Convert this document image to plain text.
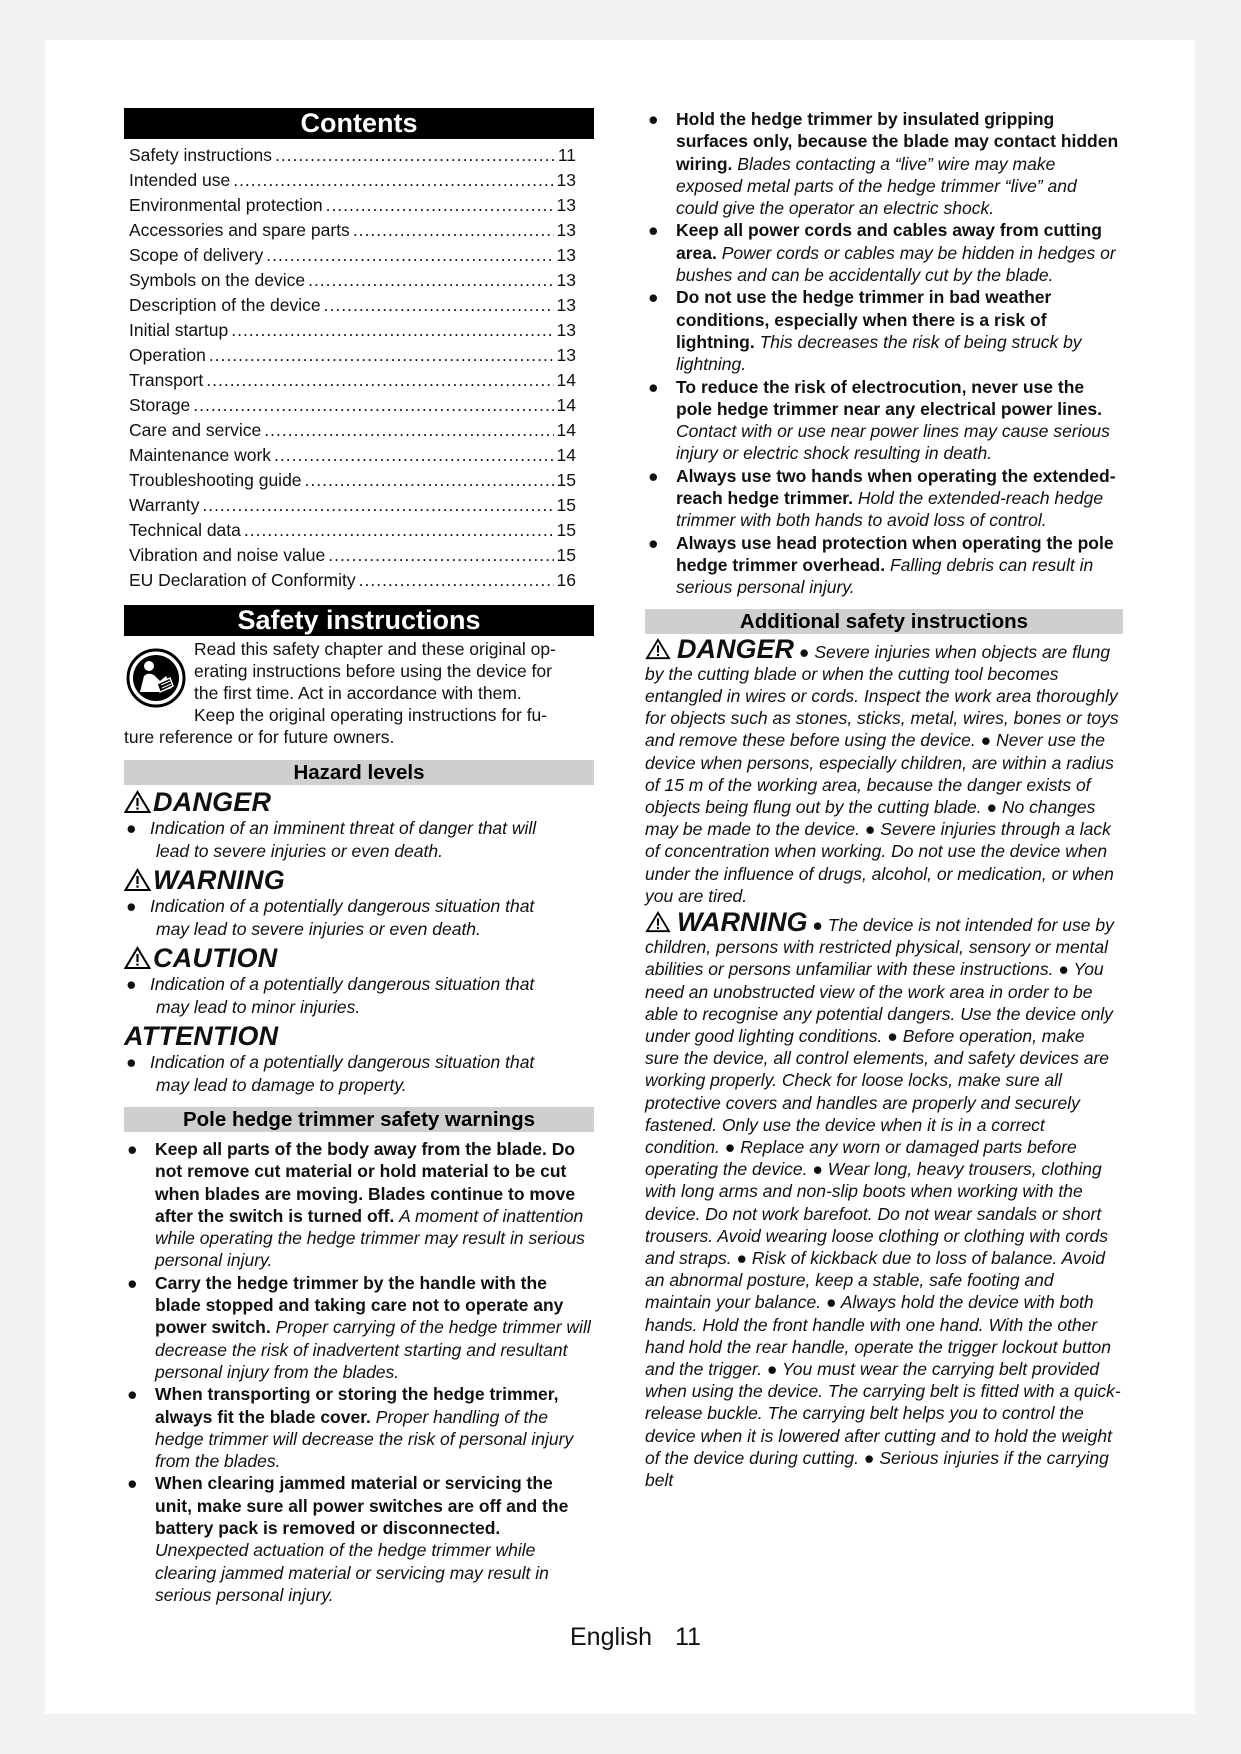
Contents
Safety instructions .....	11
Intended use .....	13
Environmental protection .....	13
Accessories and spare parts .....	13
Scope of delivery .....	13
Symbols on the device .....	13
Description of the device .....	13
Initial startup .....	13
Operation .....	13
Transport .....	14
Storage .....	14
Care and service .....	14
Maintenance work .....	14
Troubleshooting guide .....	15
Warranty .....	15
Technical data .....	15
Vibration and noise value .....	15
EU Declaration of Conformity .....	16
Safety instructions
Read this safety chapter and these original op-
erating instructions before using the device for
the first time. Act in accordance with them.
Keep the original operating instructions for fu-
ture reference or for future owners.
Hazard levels
DANGER
● Indication of an imminent threat of danger that will
lead to severe injuries or even death.
WARNING
● Indication of a potentially dangerous situation that
may lead to severe injuries or even death.
CAUTION
● Indication of a potentially dangerous situation that
may lead to minor injuries.
ATTENTION
● Indication of a potentially dangerous situation that
may lead to damage to property.
Pole hedge trimmer safety warnings
● Keep all parts of the body away from the blade. Do not remove cut material or hold material to be cut when blades are moving. Blades continue to move after the switch is turned off. A moment of inattention while operating the hedge trimmer may result in serious personal injury.
● Carry the hedge trimmer by the handle with the blade stopped and taking care not to operate any power switch. Proper carrying of the hedge trimmer will decrease the risk of inadvertent starting and resultant personal injury from the blades.
● When transporting or storing the hedge trimmer, always fit the blade cover. Proper handling of the hedge trimmer will decrease the risk of personal injury from the blades.
● When clearing jammed material or servicing the unit, make sure all power switches are off and the battery pack is removed or disconnected. Unexpected actuation of the hedge trimmer while clearing jammed material or servicing may result in serious personal injury.
● Hold the hedge trimmer by insulated gripping surfaces only, because the blade may contact hidden wiring. Blades contacting a “live” wire may make exposed metal parts of the hedge trimmer “live” and could give the operator an electric shock.
● Keep all power cords and cables away from cutting area. Power cords or cables may be hidden in hedges or bushes and can be accidentally cut by the blade.
● Do not use the hedge trimmer in bad weather conditions, especially when there is a risk of lightning. This decreases the risk of being struck by lightning.
● To reduce the risk of electrocution, never use the pole hedge trimmer near any electrical power lines. Contact with or use near power lines may cause serious injury or electric shock resulting in death.
● Always use two hands when operating the extended-reach hedge trimmer. Hold the extended-reach hedge trimmer with both hands to avoid loss of control.
● Always use head protection when operating the pole hedge trimmer overhead. Falling debris can result in serious personal injury.
Additional safety instructions
DANGER ● Severe injuries when objects are flung by the cutting blade or when the cutting tool becomes entangled in wires or cords. Inspect the work area thoroughly for objects such as stones, sticks, metal, wires, bones or toys and remove these before using the device. ● Never use the device when persons, especially children, are within a radius of 15 m of the working area, because the danger exists of objects being flung out by the cutting blade. ● No changes may be made to the device. ● Severe injuries through a lack of concentration when working. Do not use the device when under the influence of drugs, alcohol, or medication, or when you are tired.
WARNING ● The device is not intended for use by children, persons with restricted physical, sensory or mental abilities or persons unfamiliar with these instructions. ● You need an unobstructed view of the work area in order to be able to recognise any potential dangers. Use the device only under good lighting conditions. ● Before operation, make sure the device, all control elements, and safety devices are working properly. Check for loose locks, make sure all protective covers and handles are properly and securely fastened. Only use the device when it is in a correct condition. ● Replace any worn or damaged parts before operating the device. ● Wear long, heavy trousers, clothing with long arms and non-slip boots when working with the device. Do not work barefoot. Do not wear sandals or short trousers. Avoid wearing loose clothing or clothing with cords and straps. ● Risk of kickback due to loss of balance. Avoid an abnormal posture, keep a stable, safe footing and maintain your balance. ● Always hold the device with both hands. Hold the front handle with one hand. With the other hand hold the rear handle, operate the trigger lockout button and the trigger. ● You must wear the carrying belt provided when using the device. The carrying belt is fitted with a quick-release buckle. The carrying belt helps you to control the device when it is lowered after cutting and to hold the weight of the device during cutting. ● Serious injuries if the carrying belt
English 11
